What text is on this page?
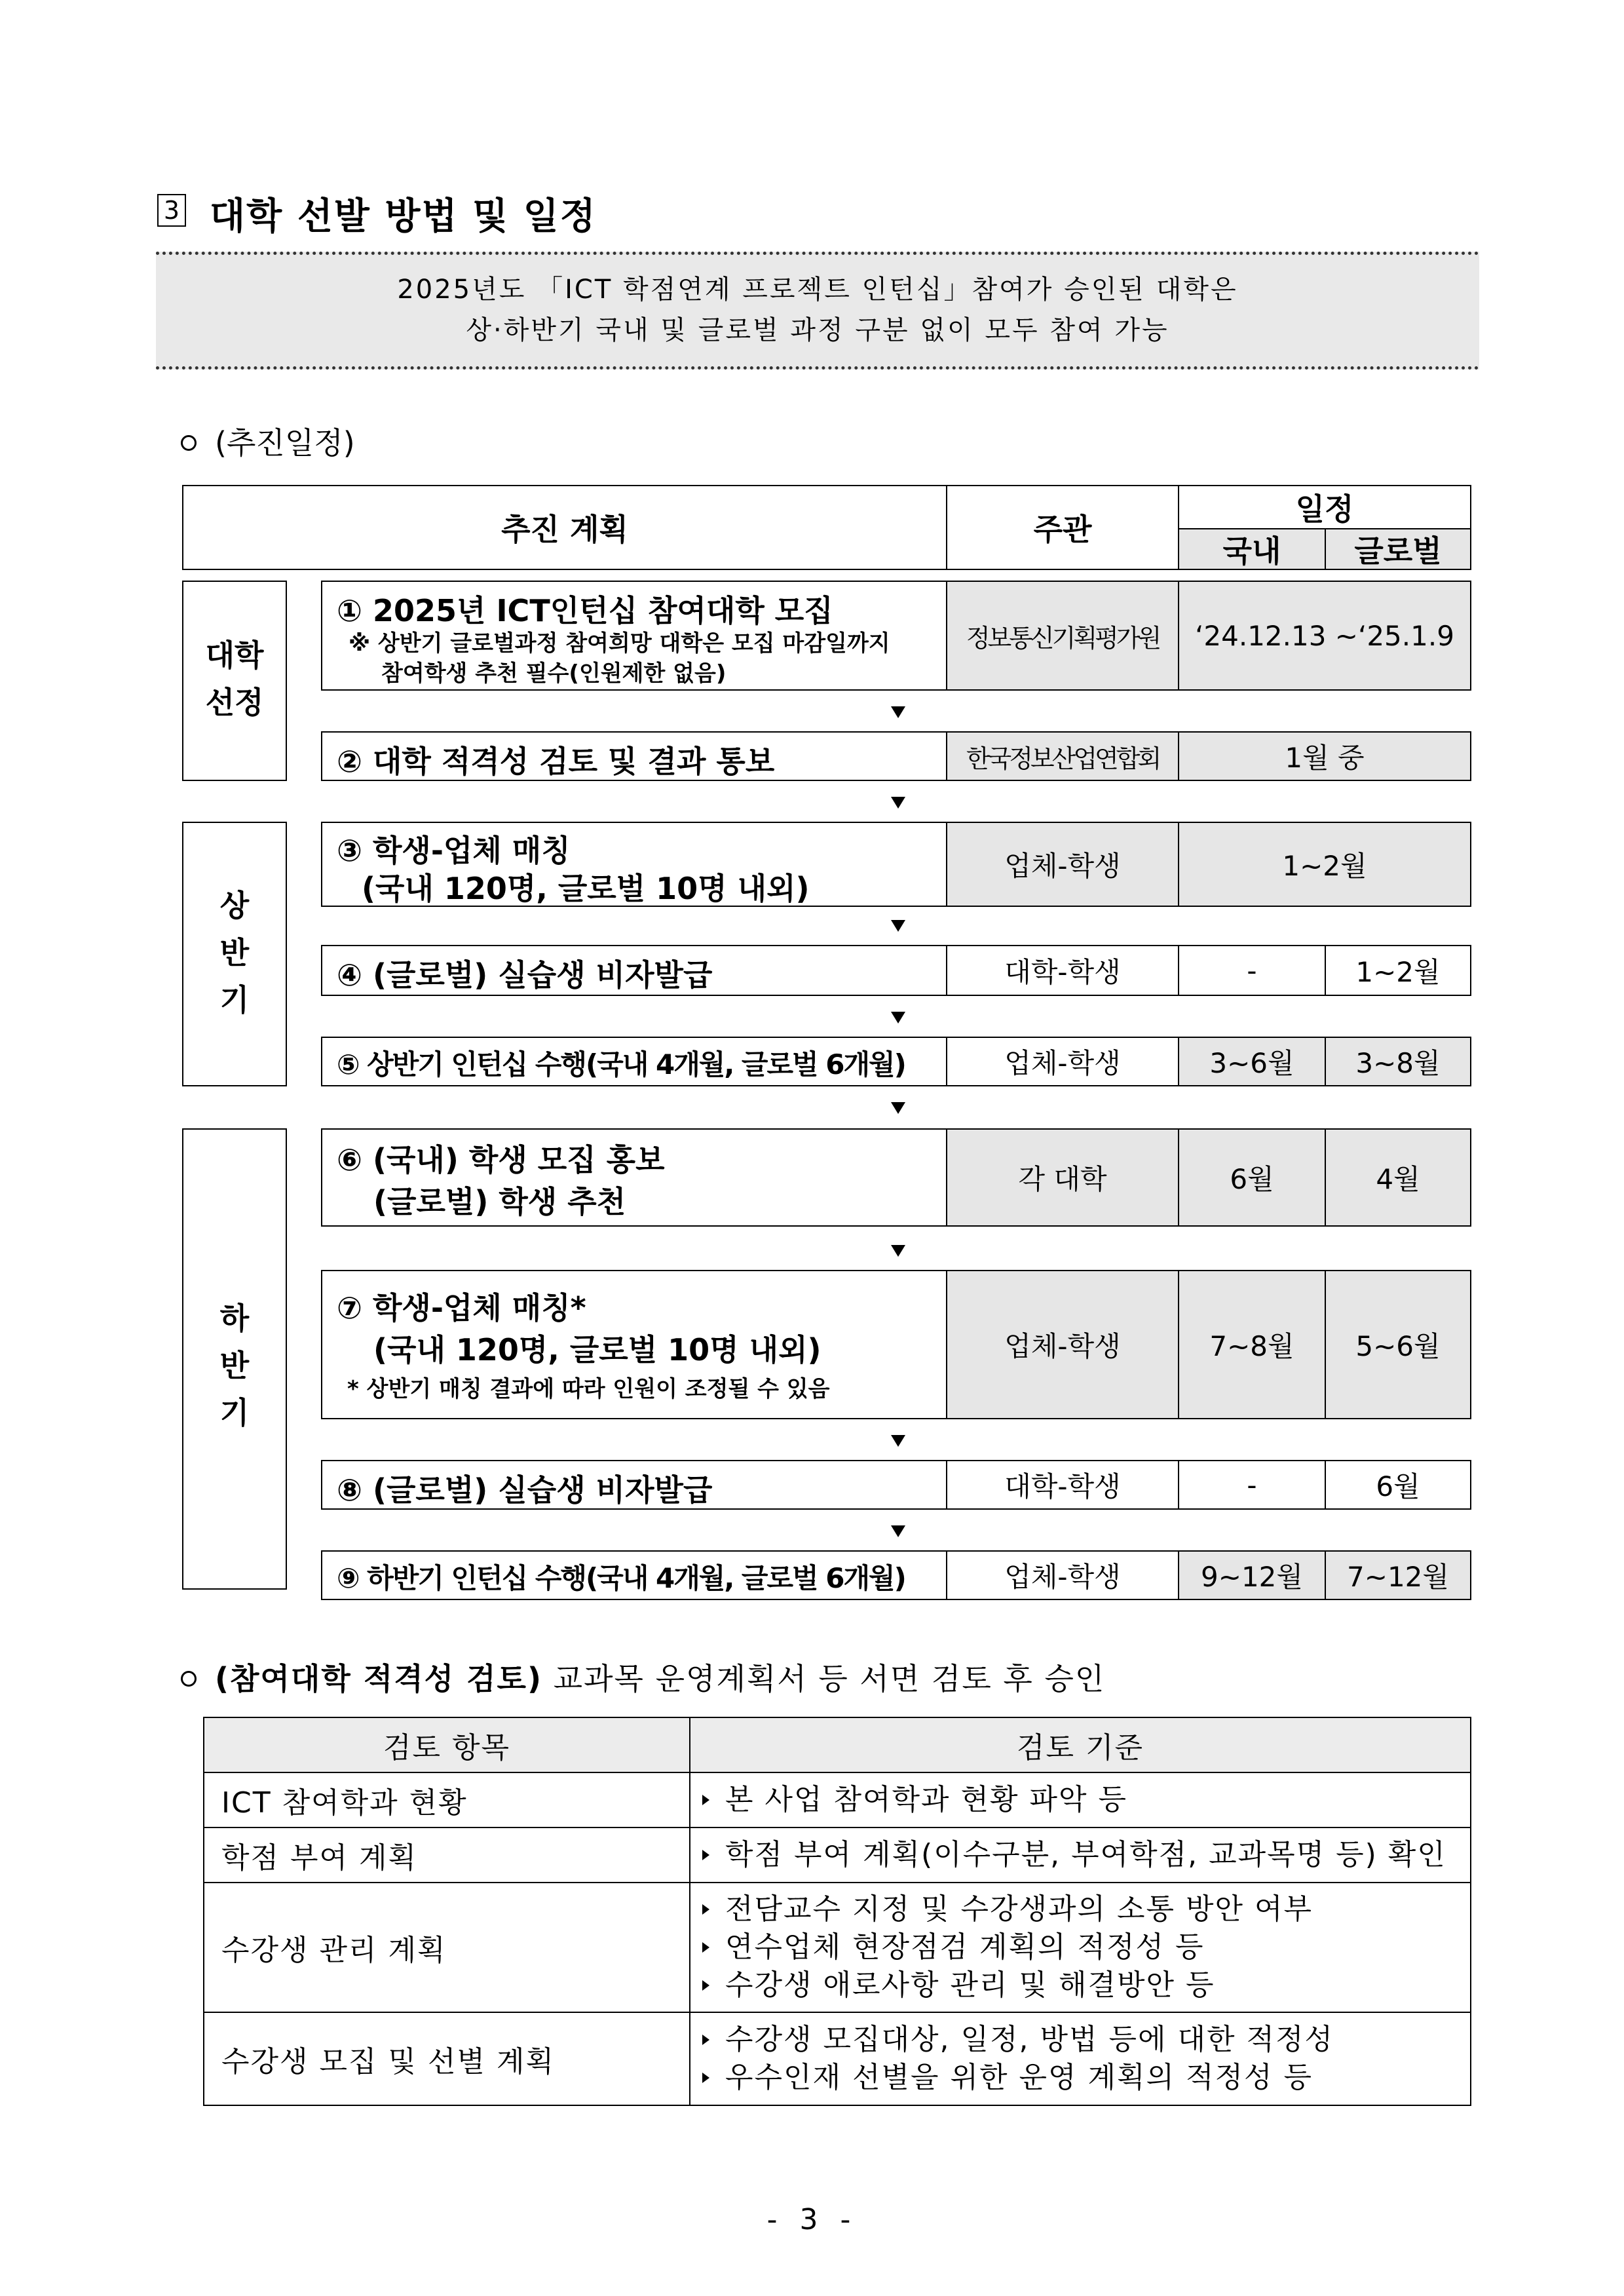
3 대학 선발 방법 및 일정
2025년도 「ICT 학점연계 프로젝트 인턴십」참여가 승인된 대학은
상·하반기 국내 및 글로벌 과정 구분 없이 모두 참여 가능
(추진일정)
추진 계획	주관
일정
국내	글로벌
대학
선정
① 2025년 ICT인턴십 참여대학 모집
※ 상반기 글로벌과정 참여희망 대학은 모집 마감일까지
참여학생 추천 필수(인원제한 없음)
정보통신기획평가원	‘24.12.13 ~‘25.1.9
② 대학 적격성 검토 및 결과 통보	한국정보산업연합회	1월 중
상
반
기
③ 학생-업체 매칭
(국내 120명, 글로벌 10명 내외)
업체-학생	1~2월
④ (글로벌) 실습생 비자발급	대학-학생	-	1~2월
⑤ 상반기 인턴십 수행(국내 4개월, 글로벌 6개월)	업체-학생	3~6월	3~8월
하
반
기
⑥ (국내) 학생 모집 홍보
(글로벌) 학생 추천
각 대학	6월	4월
⑦ 학생-업체 매칭*
(국내 120명, 글로벌 10명 내외)
* 상반기 매칭 결과에 따라 인원이 조정될 수 있음
업체-학생	7~8월	5~6월
⑧ (글로벌) 실습생 비자발급	대학-학생	-	6월
⑨ 하반기 인턴십 수행(국내 4개월, 글로벌 6개월)	업체-학생	9~12월	7~12월
(참여대학 적격성 검토) 교과목 운영계획서 등 서면 검토 후 승인
검토 항목	검토 기준
ICT 참여학과 현황	본 사업 참여학과 현황 파악 등
학점 부여 계획	학점 부여 계획(이수구분, 부여학점, 교과목명 등) 확인
수강생 관리 계획
전담교수 지정 및 수강생과의 소통 방안 여부
연수업체 현장점검 계획의 적정성 등
수강생 애로사항 관리 및 해결방안 등
수강생 모집 및 선별 계획
수강생 모집대상, 일정, 방법 등에 대한 적정성
우수인재 선별을 위한 운영 계획의 적정성 등
- 3 -
